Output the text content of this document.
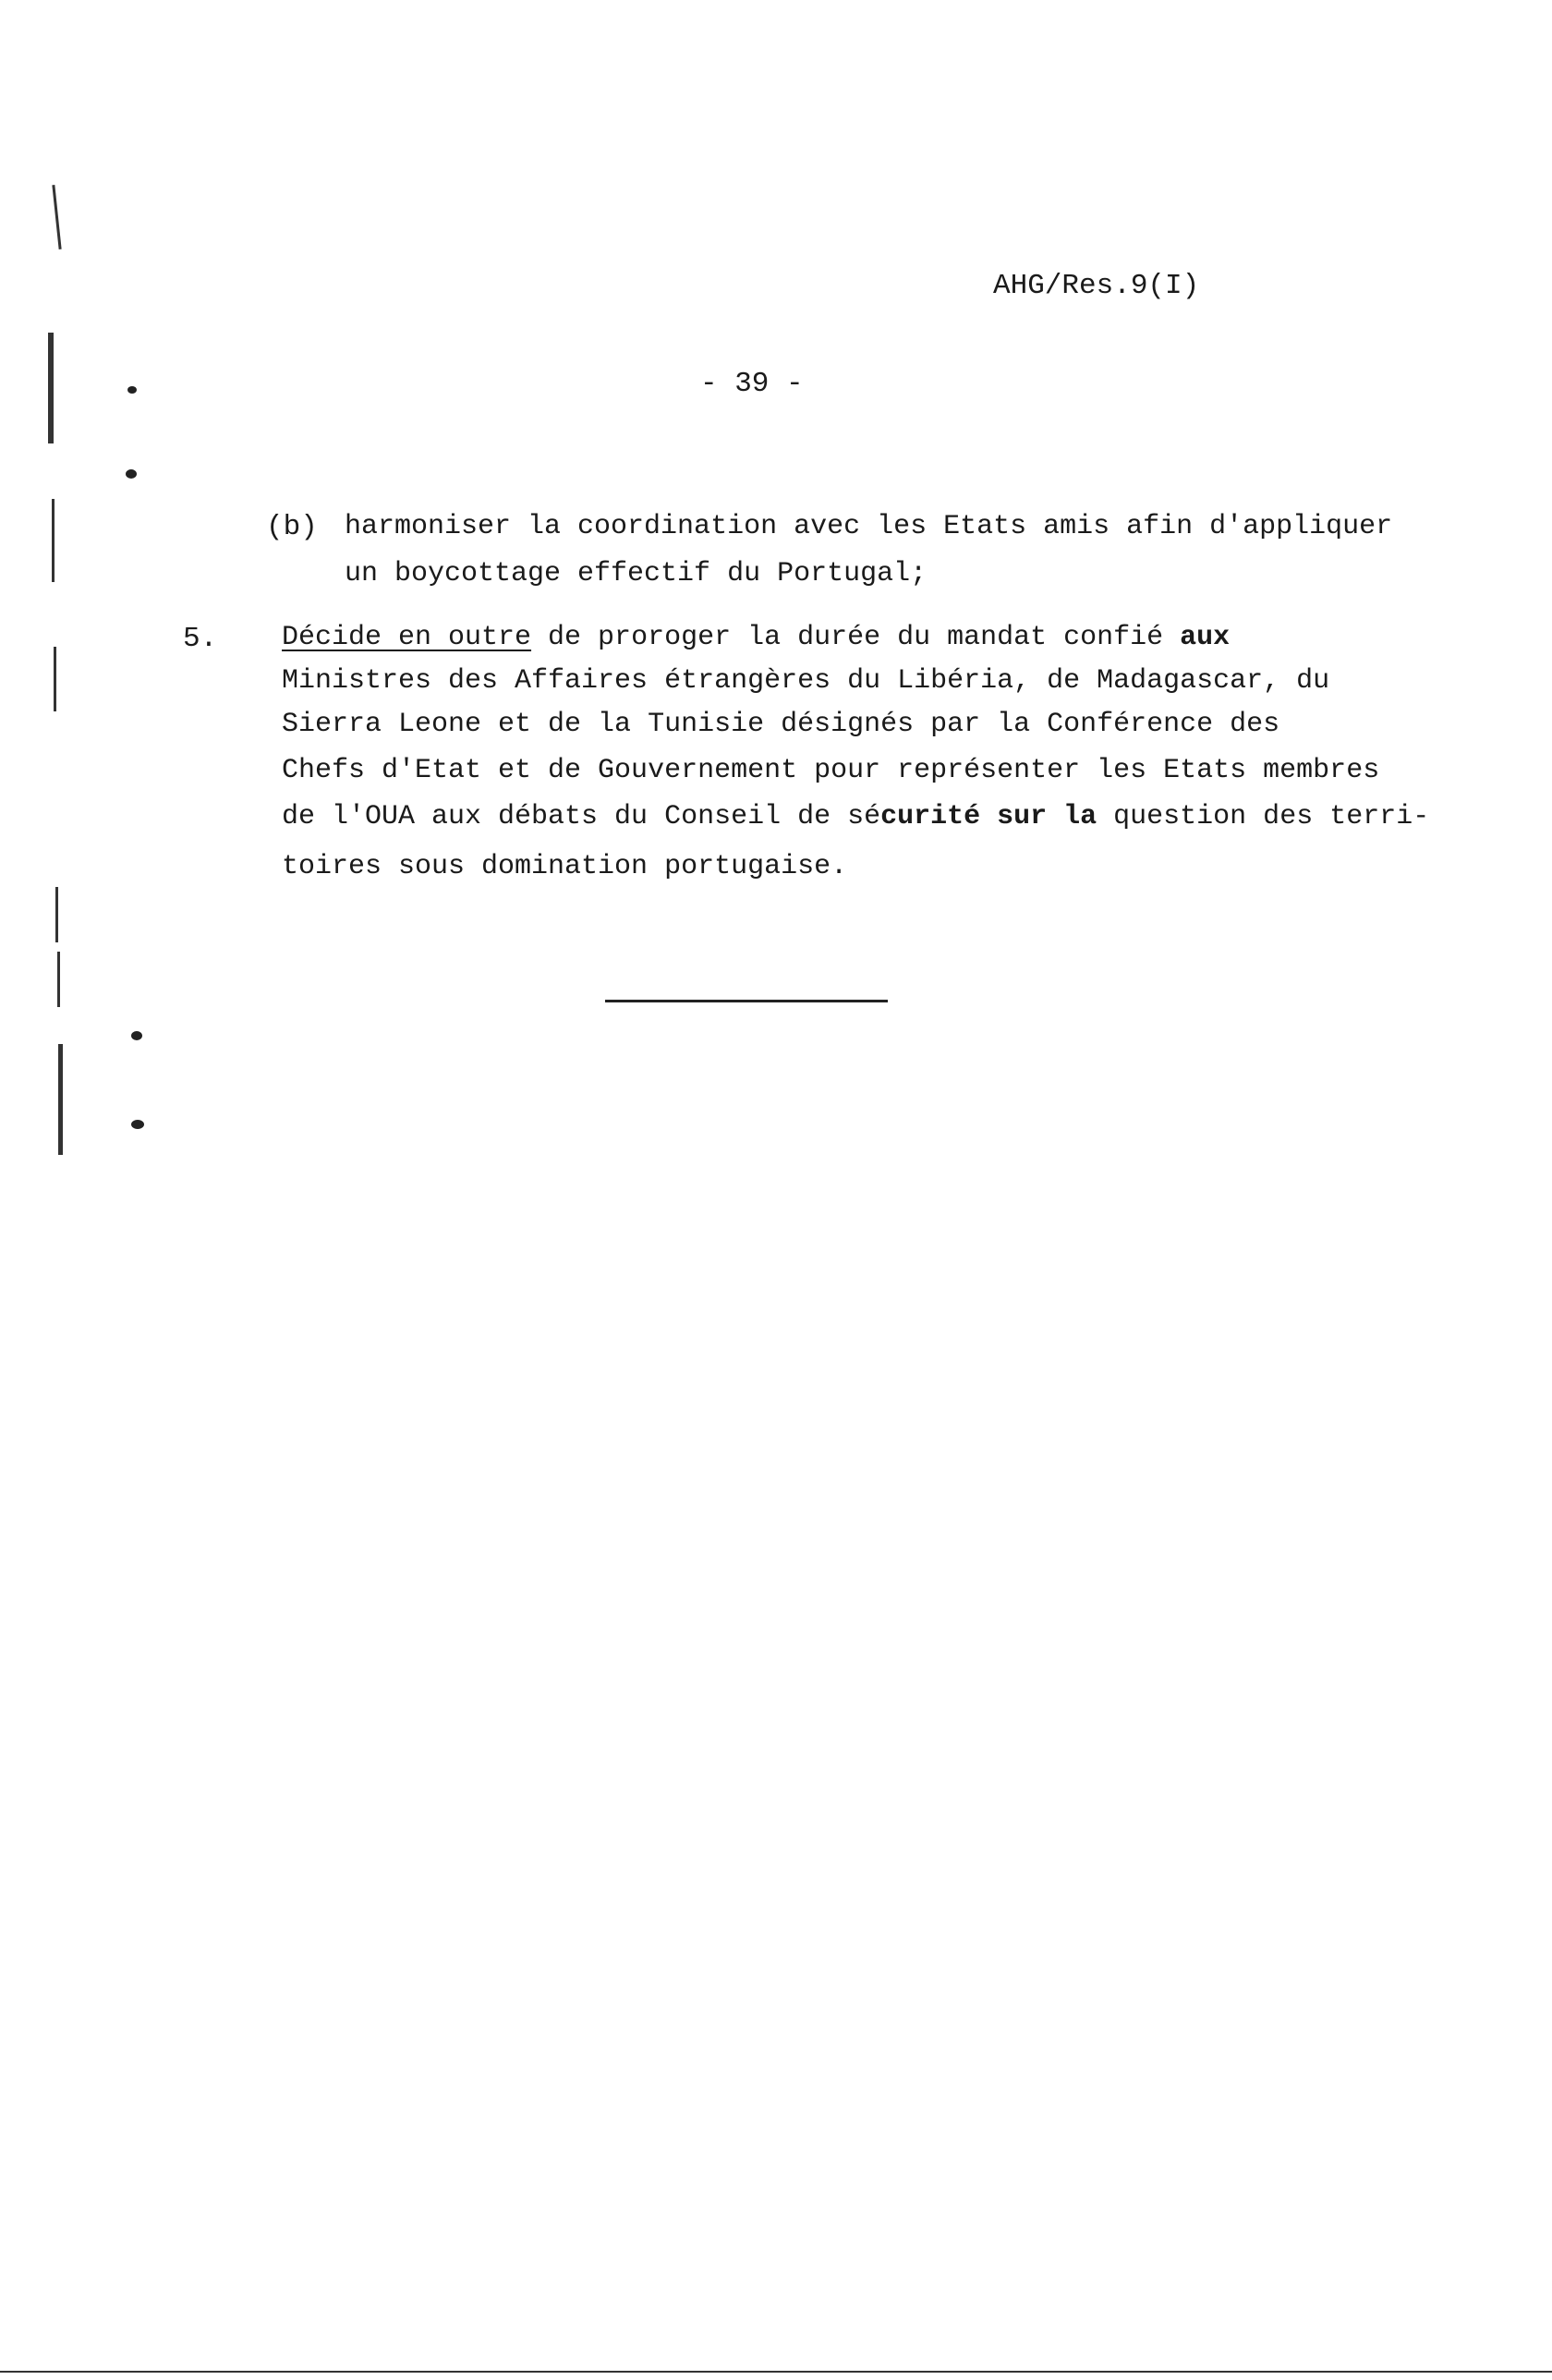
AHG/Res.9(I)
- 39 -
(b) harmoniser la coordination avec les Etats amis afin d'appliquer
un boycottage effectif du Portugal;
5. Décide en outre de proroger la durée du mandat confié aux
Ministres des Affaires étrangères du Libéria, de Madagascar, du
Sierra Leone et de la Tunisie désignés par la Conférence des
Chefs d'Etat et de Gouvernement pour représenter les Etats membres
de l'OUA aux débats du Conseil de sécurité sur la question des terri-
toires sous domination portugaise.
